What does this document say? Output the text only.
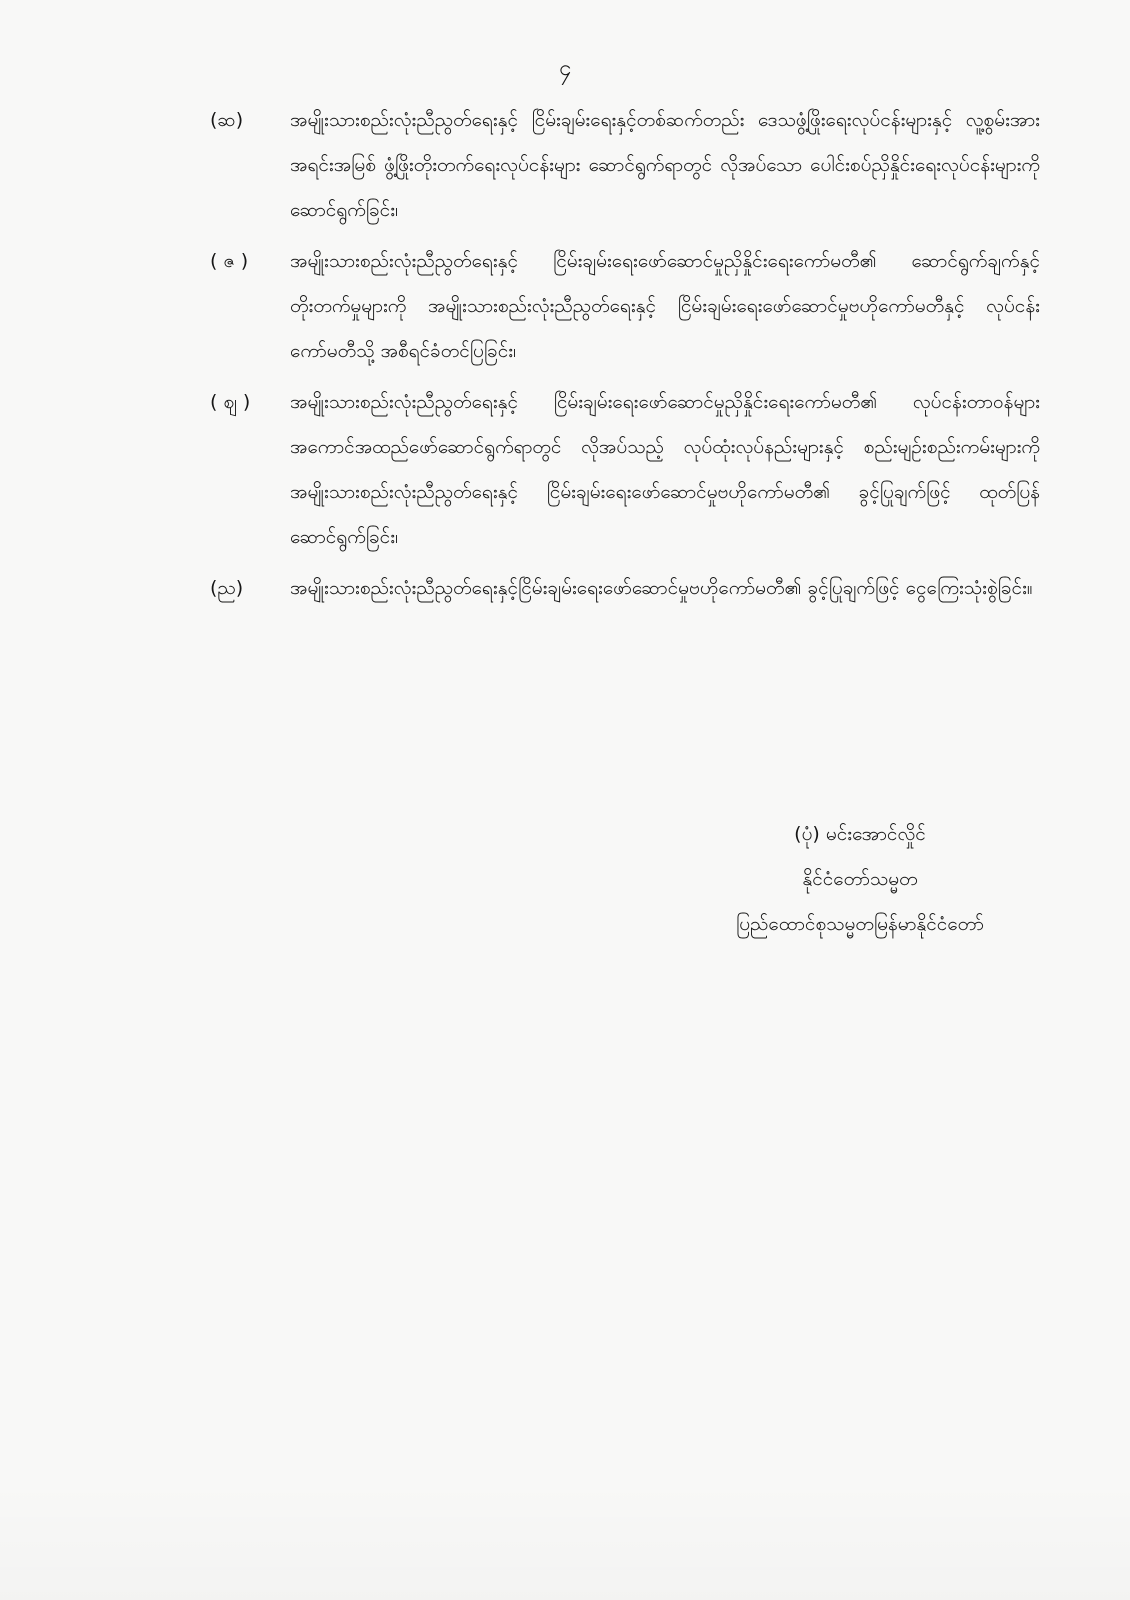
၄
(ဆ)	အမျိုးသားစည်းလုံးညီညွတ်ရေးနှင့် ငြိမ်းချမ်းရေးနှင့်တစ်ဆက်တည်း ဒေသဖွံ့ဖြိုးရေးလုပ်ငန်းများနှင့် လူ့စွမ်းအားအရင်းအမြစ် ဖွံ့ဖြိုးတိုးတက်ရေးလုပ်ငန်းများ ဆောင်ရွက်ရာတွင် လိုအပ်သော ပေါင်းစပ်ညှိနှိုင်းရေးလုပ်ငန်းများကို ဆောင်ရွက်ခြင်း၊
( ဇ )	အမျိုးသားစည်းလုံးညီညွတ်ရေးနှင့် ငြိမ်းချမ်းရေးဖော်ဆောင်မှုညှိနှိုင်းရေးကော်မတီ၏ ဆောင်ရွက်ချက်နှင့် တိုးတက်မှုများကို အမျိုးသားစည်းလုံးညီညွတ်ရေးနှင့် ငြိမ်းချမ်းရေးဖော်ဆောင်မှုဗဟိုကော်မတီနှင့် လုပ်ငန်းကော်မတီသို့ အစီရင်ခံတင်ပြခြင်း၊
( ဈ )	အမျိုးသားစည်းလုံးညီညွတ်ရေးနှင့် ငြိမ်းချမ်းရေးဖော်ဆောင်မှုညှိနှိုင်းရေးကော်မတီ၏ လုပ်ငန်းတာဝန်များ အကောင်အထည်ဖော်ဆောင်ရွက်ရာတွင် လိုအပ်သည့် လုပ်ထုံးလုပ်နည်းများနှင့် စည်းမျဉ်းစည်းကမ်းများကို အမျိုးသားစည်းလုံးညီညွတ်ရေးနှင့် ငြိမ်းချမ်းရေးဖော်ဆောင်မှုဗဟိုကော်မတီ၏ ခွင့်ပြုချက်ဖြင့် ထုတ်ပြန်ဆောင်ရွက်ခြင်း၊
(ည)	အမျိုးသားစည်းလုံးညီညွတ်ရေးနှင့်ငြိမ်းချမ်းရေးဖော်ဆောင်မှုဗဟိုကော်မတီ၏ ခွင့်ပြုချက်ဖြင့် ငွေကြေးသုံးစွဲခြင်း။
(ပုံ) မင်းအောင်လှိုင်
နိုင်ငံတော်သမ္မတ
ပြည်ထောင်စုသမ္မတမြန်မာနိုင်ငံတော်
